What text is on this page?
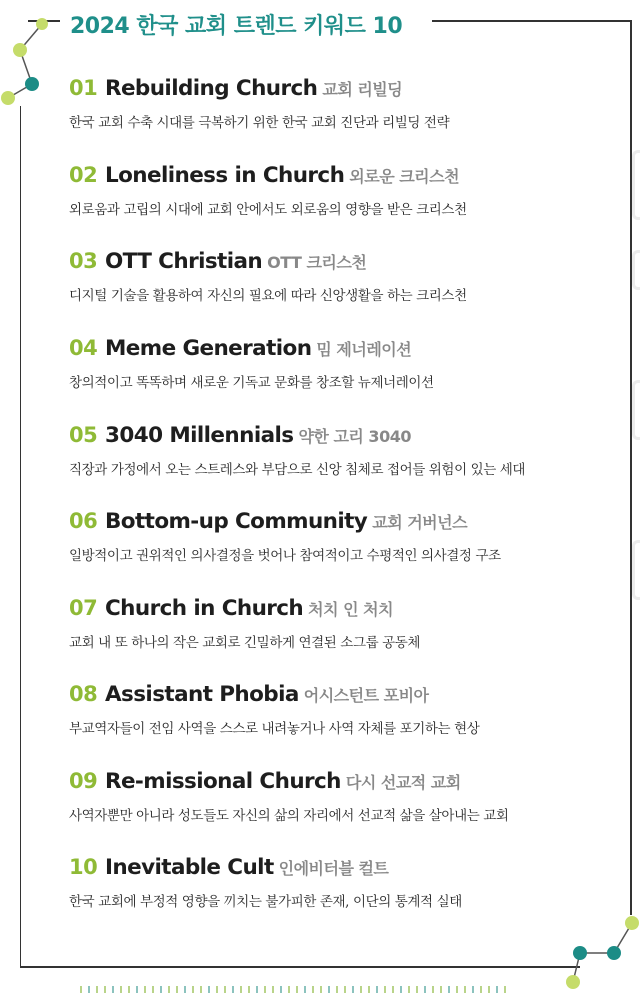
2024 한국 교회 트렌드 키워드 10
01 Rebuilding Church 교회 리빌딩
한국 교회 수축 시대를 극복하기 위한 한국 교회 진단과 리빌딩 전략
02 Loneliness in Church 외로운 크리스천
외로움과 고립의 시대에 교회 안에서도 외로움의 영향을 받은 크리스천
03 OTT Christian OTT 크리스천
디지털 기술을 활용하여 자신의 필요에 따라 신앙생활을 하는 크리스천
04 Meme Generation 밈 제너레이션
창의적이고 똑똑하며 새로운 기독교 문화를 창조할 뉴제너레이션
05 3040 Millennials 약한 고리 3040
직장과 가정에서 오는 스트레스와 부담으로 신앙 침체로 접어들 위험이 있는 세대
06 Bottom-up Community 교회 거버넌스
일방적이고 권위적인 의사결정을 벗어나 참여적이고 수평적인 의사결정 구조
07 Church in Church 처치 인 처치
교회 내 또 하나의 작은 교회로 긴밀하게 연결된 소그룹 공동체
08 Assistant Phobia 어시스턴트 포비아
부교역자들이 전임 사역을 스스로 내려놓거나 사역 자체를 포기하는 현상
09 Re-missional Church 다시 선교적 교회
사역자뿐만 아니라 성도들도 자신의 삶의 자리에서 선교적 삶을 살아내는 교회
10 Inevitable Cult 인에비터블 컬트
한국 교회에 부정적 영향을 끼치는 불가피한 존재, 이단의 통계적 실태
